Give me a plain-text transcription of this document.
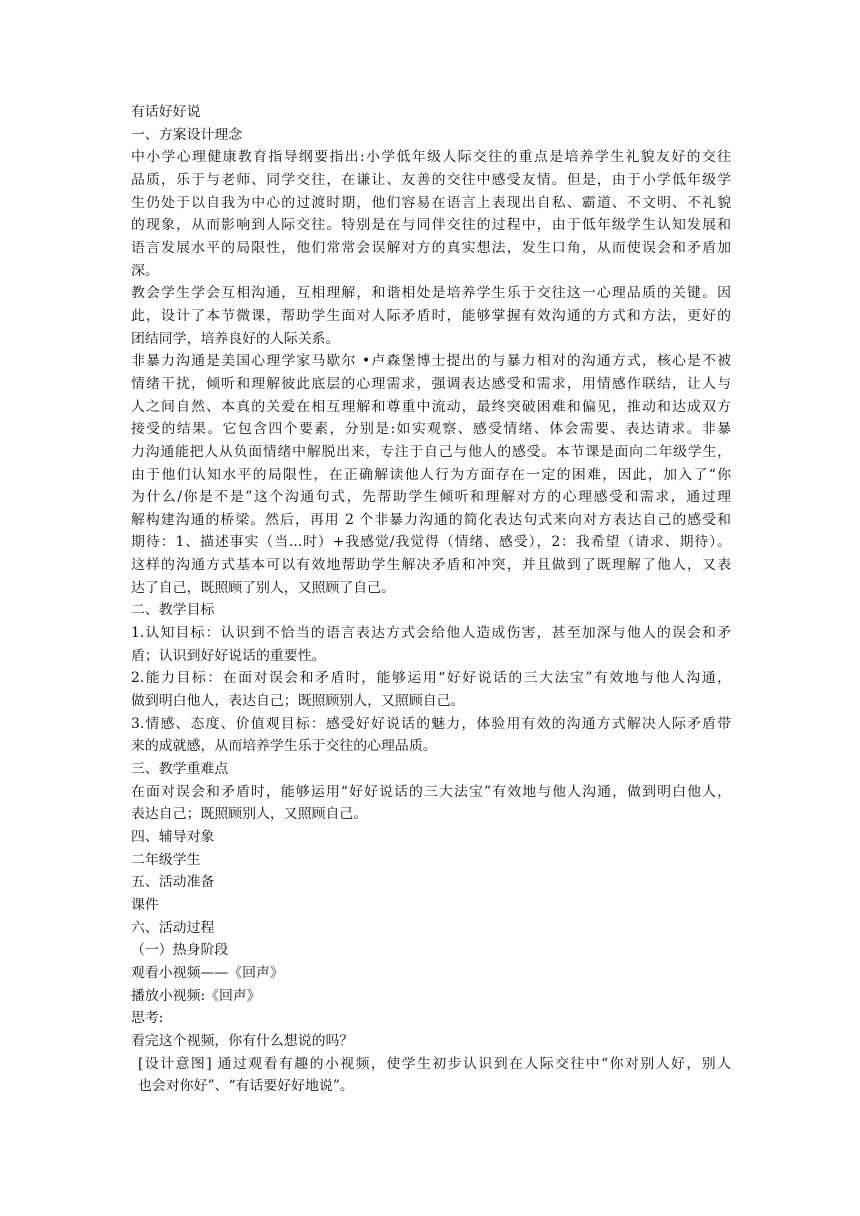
有话好好说

一、方案设计理念

中小学心理健康教育指导纲要指出:小学低年级人际交往的重点是培养学生礼貌友好的交往

品质，乐于与老师、同学交往，在谦让、友善的交往中感受友情。但是，由于小学低年级学

生仍处于以自我为中心的过渡时期，他们容易在语言上表现出自私、霸道、不文明、不礼貌

的现象，从而影响到人际交往。特别是在与同伴交往的过程中，由于低年级学生认知发展和

语言发展水平的局限性，他们常常会误解对方的真实想法，发生口角，从而使误会和矛盾加

深。

教会学生学会互相沟通，互相理解，和谐相处是培养学生乐于交往这一心理品质的关键。因

此，设计了本节微课，帮助学生面对人际矛盾时，能够掌握有效沟通的方式和方法，更好的

团结同学，培养良好的人际关系。

非暴力沟通是美国心理学家马歇尔 •卢森堡博士提出的与暴力相对的沟通方式，核心是不被

情绪干扰，倾听和理解彼此底层的心理需求，强调表达感受和需求，用情感作联结，让人与

人之间自然、本真的关爱在相互理解和尊重中流动，最终突破困难和偏见，推动和达成双方

接受的结果。它包含四个要素，分别是:如实观察、感受情绪、体会需要、表达请求。非暴

力沟通能把人从负面情绪中解脱出来，专注于自己与他人的感受。本节课是面向二年级学生，

由于他们认知水平的局限性，在正确解读他人行为方面存在一定的困难，因此，加入了“你

为什么/你是不是”这个沟通句式，先帮助学生倾听和理解对方的心理感受和需求，通过理

解构建沟通的桥梁。然后，再用 2 个非暴力沟通的简化表达句式来向对方表达自己的感受和

期待：1、描述事实（当...时）+我感觉/我觉得（情绪、感受），2：我希望（请求、期待）。

这样的沟通方式基本可以有效地帮助学生解决矛盾和冲突，并且做到了既理解了他人，又表

达了自己，既照顾了别人，又照顾了自己。

二、教学目标

1.认知目标：认识到不恰当的语言表达方式会给他人造成伤害，甚至加深与他人的误会和矛

盾；认识到好好说话的重要性。

2.能力目标：在面对误会和矛盾时，能够运用“好好说话的三大法宝”有效地与他人沟通，

做到明白他人，表达自己；既照顾别人，又照顾自己。

3.情感、态度、价值观目标：感受好好说话的魅力，体验用有效的沟通方式解决人际矛盾带

来的成就感，从而培养学生乐于交往的心理品质。

三、教学重难点

在面对误会和矛盾时，能够运用“好好说话的三大法宝”有效地与他人沟通，做到明白他人，

表达自己；既照顾别人，又照顾自己。

四、辅导对象

二年级学生

五、活动准备

课件

六、活动过程

（一）热身阶段

观看小视频——《回声》

播放小视频:《回声》

思考:

看完这个视频，你有什么想说的吗？

[设计意图] 通过观看有趣的小视频，使学生初步认识到在人际交往中“你对别人好，别人

也会对你好”、“有话要好好地说”。
